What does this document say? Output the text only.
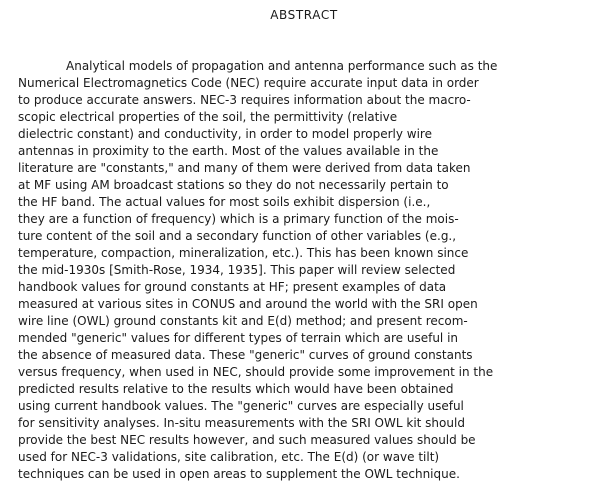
ABSTRACT
Analytical models of propagation and antenna performance such as the
Numerical Electromagnetics Code (NEC) require accurate input data in order
to produce accurate answers. NEC-3 requires information about the macro-
scopic electrical properties of the soil, the permittivity (relative
dielectric constant) and conductivity, in order to model properly wire
antennas in proximity to the earth. Most of the values available in the
literature are "constants," and many of them were derived from data taken
at MF using AM broadcast stations so they do not necessarily pertain to
the HF band. The actual values for most soils exhibit dispersion (i.e.,
they are a function of frequency) which is a primary function of the mois-
ture content of the soil and a secondary function of other variables (e.g.,
temperature, compaction, mineralization, etc.). This has been known since
the mid-1930s [Smith-Rose, 1934, 1935]. This paper will review selected
handbook values for ground constants at HF; present examples of data
measured at various sites in CONUS and around the world with the SRI open
wire line (OWL) ground constants kit and E(d) method; and present recom-
mended "generic" values for different types of terrain which are useful in
the absence of measured data. These "generic" curves of ground constants
versus frequency, when used in NEC, should provide some improvement in the
predicted results relative to the results which would have been obtained
using current handbook values. The "generic" curves are especially useful
for sensitivity analyses. In-situ measurements with the SRI OWL kit should
provide the best NEC results however, and such measured values should be
used for NEC-3 validations, site calibration, etc. The E(d) (or wave tilt)
techniques can be used in open areas to supplement the OWL technique.
